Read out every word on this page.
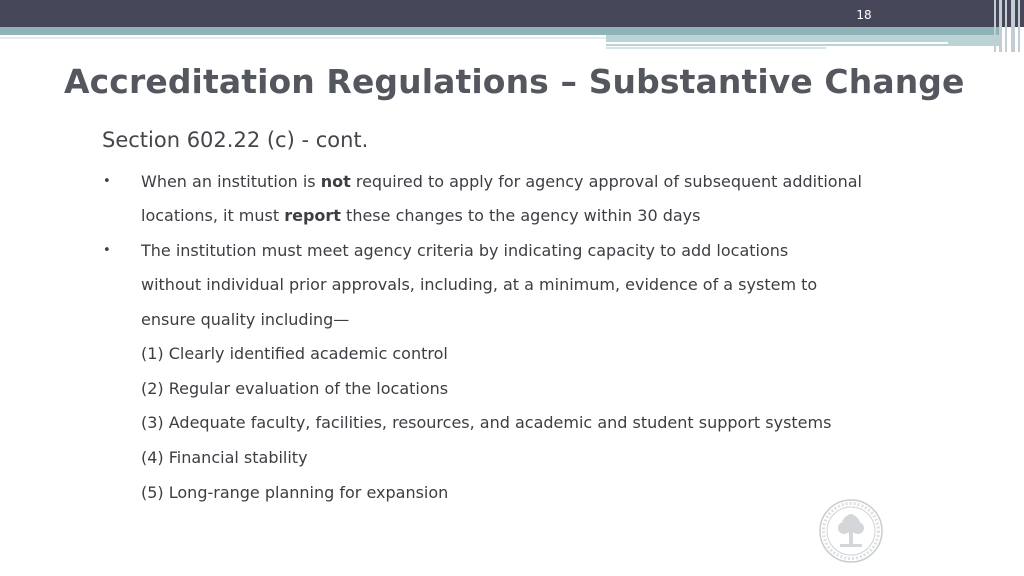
18
Accreditation Regulations – Substantive Change
Section 602.22 (c) - cont.
• When an institution is not required to apply for agency approval of subsequent additional
locations, it must report these changes to the agency within 30 days
• The institution must meet agency criteria by indicating capacity to add locations
without individual prior approvals, including, at a minimum, evidence of a system to
ensure quality including—
(1) Clearly identified academic control
(2) Regular evaluation of the locations
(3) Adequate faculty, facilities, resources, and academic and student support systems
(4) Financial stability
(5) Long-range planning for expansion
